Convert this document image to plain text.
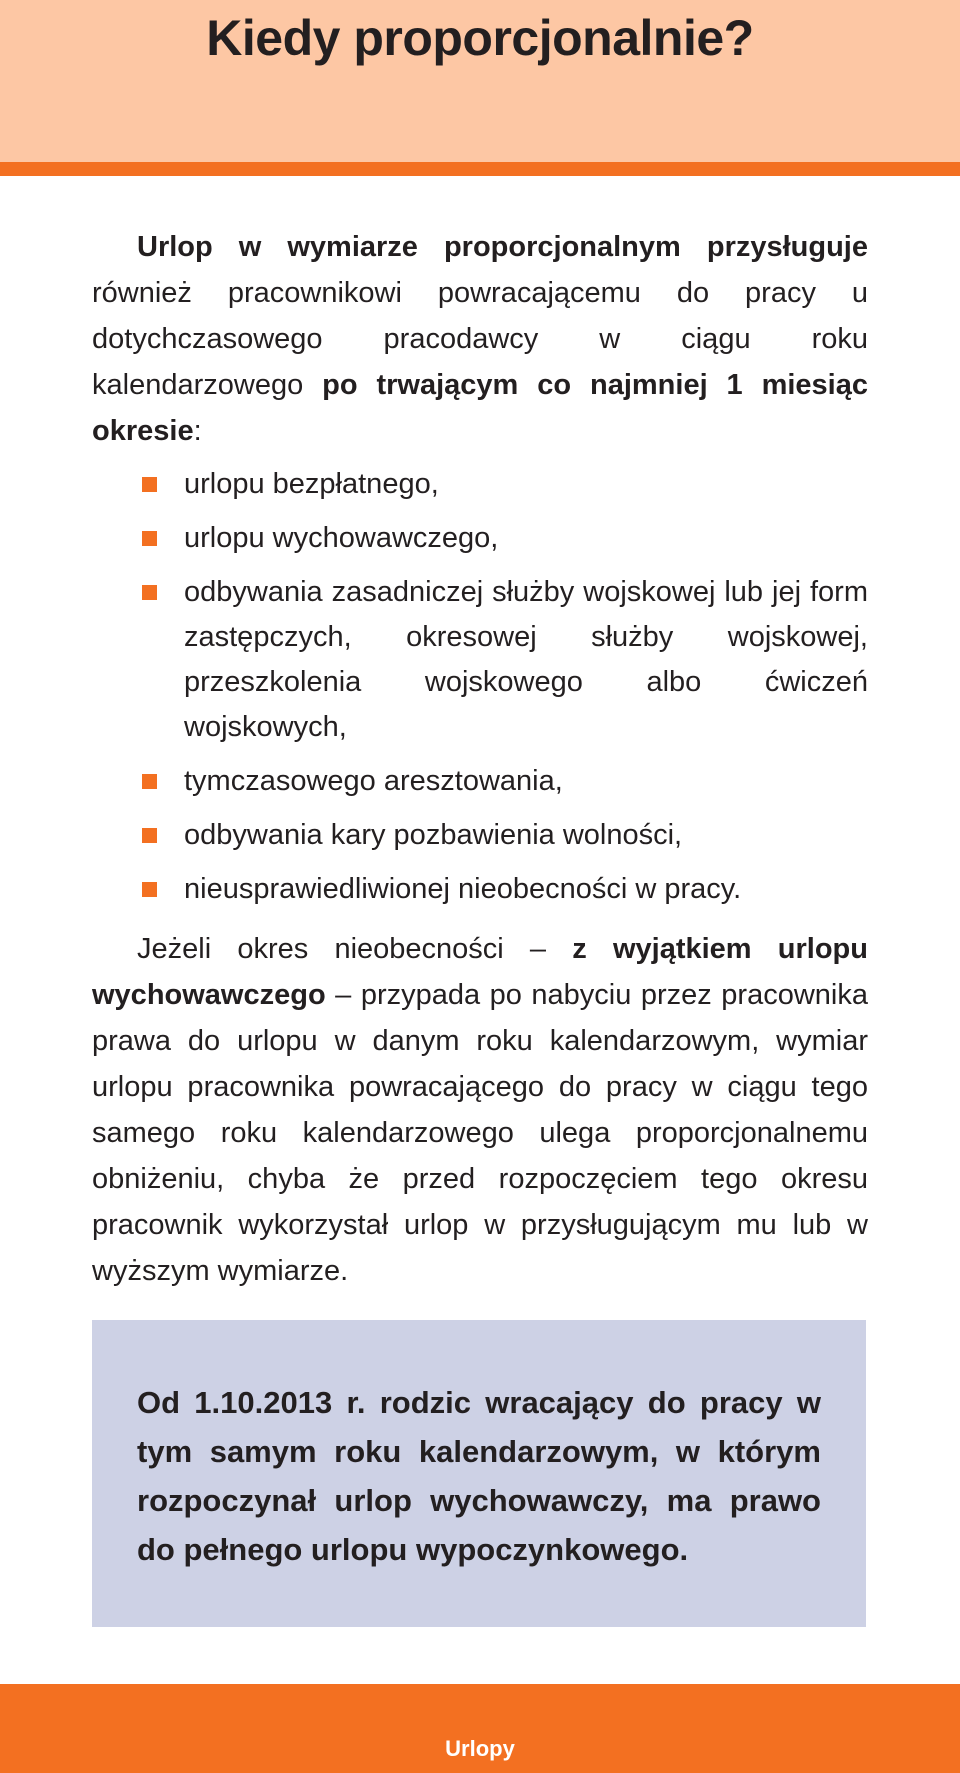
Kiedy proporcjonalnie?

Urlop w wymiarze proporcjonalnym przysługuje również pracownikowi powracającemu do pracy u dotychczasowego pracodawcy w ciągu roku kalendarzowego po trwającym co najmniej 1 miesiąc okresie:

urlopu bezpłatnego,
urlopu wychowawczego,
odbywania zasadniczej służby wojskowej lub jej form zastępczych, okresowej służby wojskowej, przeszkolenia wojskowego albo ćwiczeń wojskowych,
tymczasowego aresztowania,
odbywania kary pozbawienia wolności,
nieusprawiedliwionej nieobecności w pracy.

Jeżeli okres nieobecności – z wyjątkiem urlopu wychowawczego – przypada po nabyciu przez pracownika prawa do urlopu w danym roku kalendarzowym, wymiar urlopu pracownika powracającego do pracy w ciągu tego samego roku kalendarzowego ulega proporcjonalnemu obniżeniu, chyba że przed rozpoczęciem tego okresu pracownik wykorzystał urlop w przysługującym mu lub w wyższym wymiarze.

Od 1.10.2013 r. rodzic wracający do pracy w tym samym roku kalendarzowym, w którym rozpoczynał urlop wychowawczy, ma prawo do pełnego urlopu wypoczynkowego.

Urlopy
